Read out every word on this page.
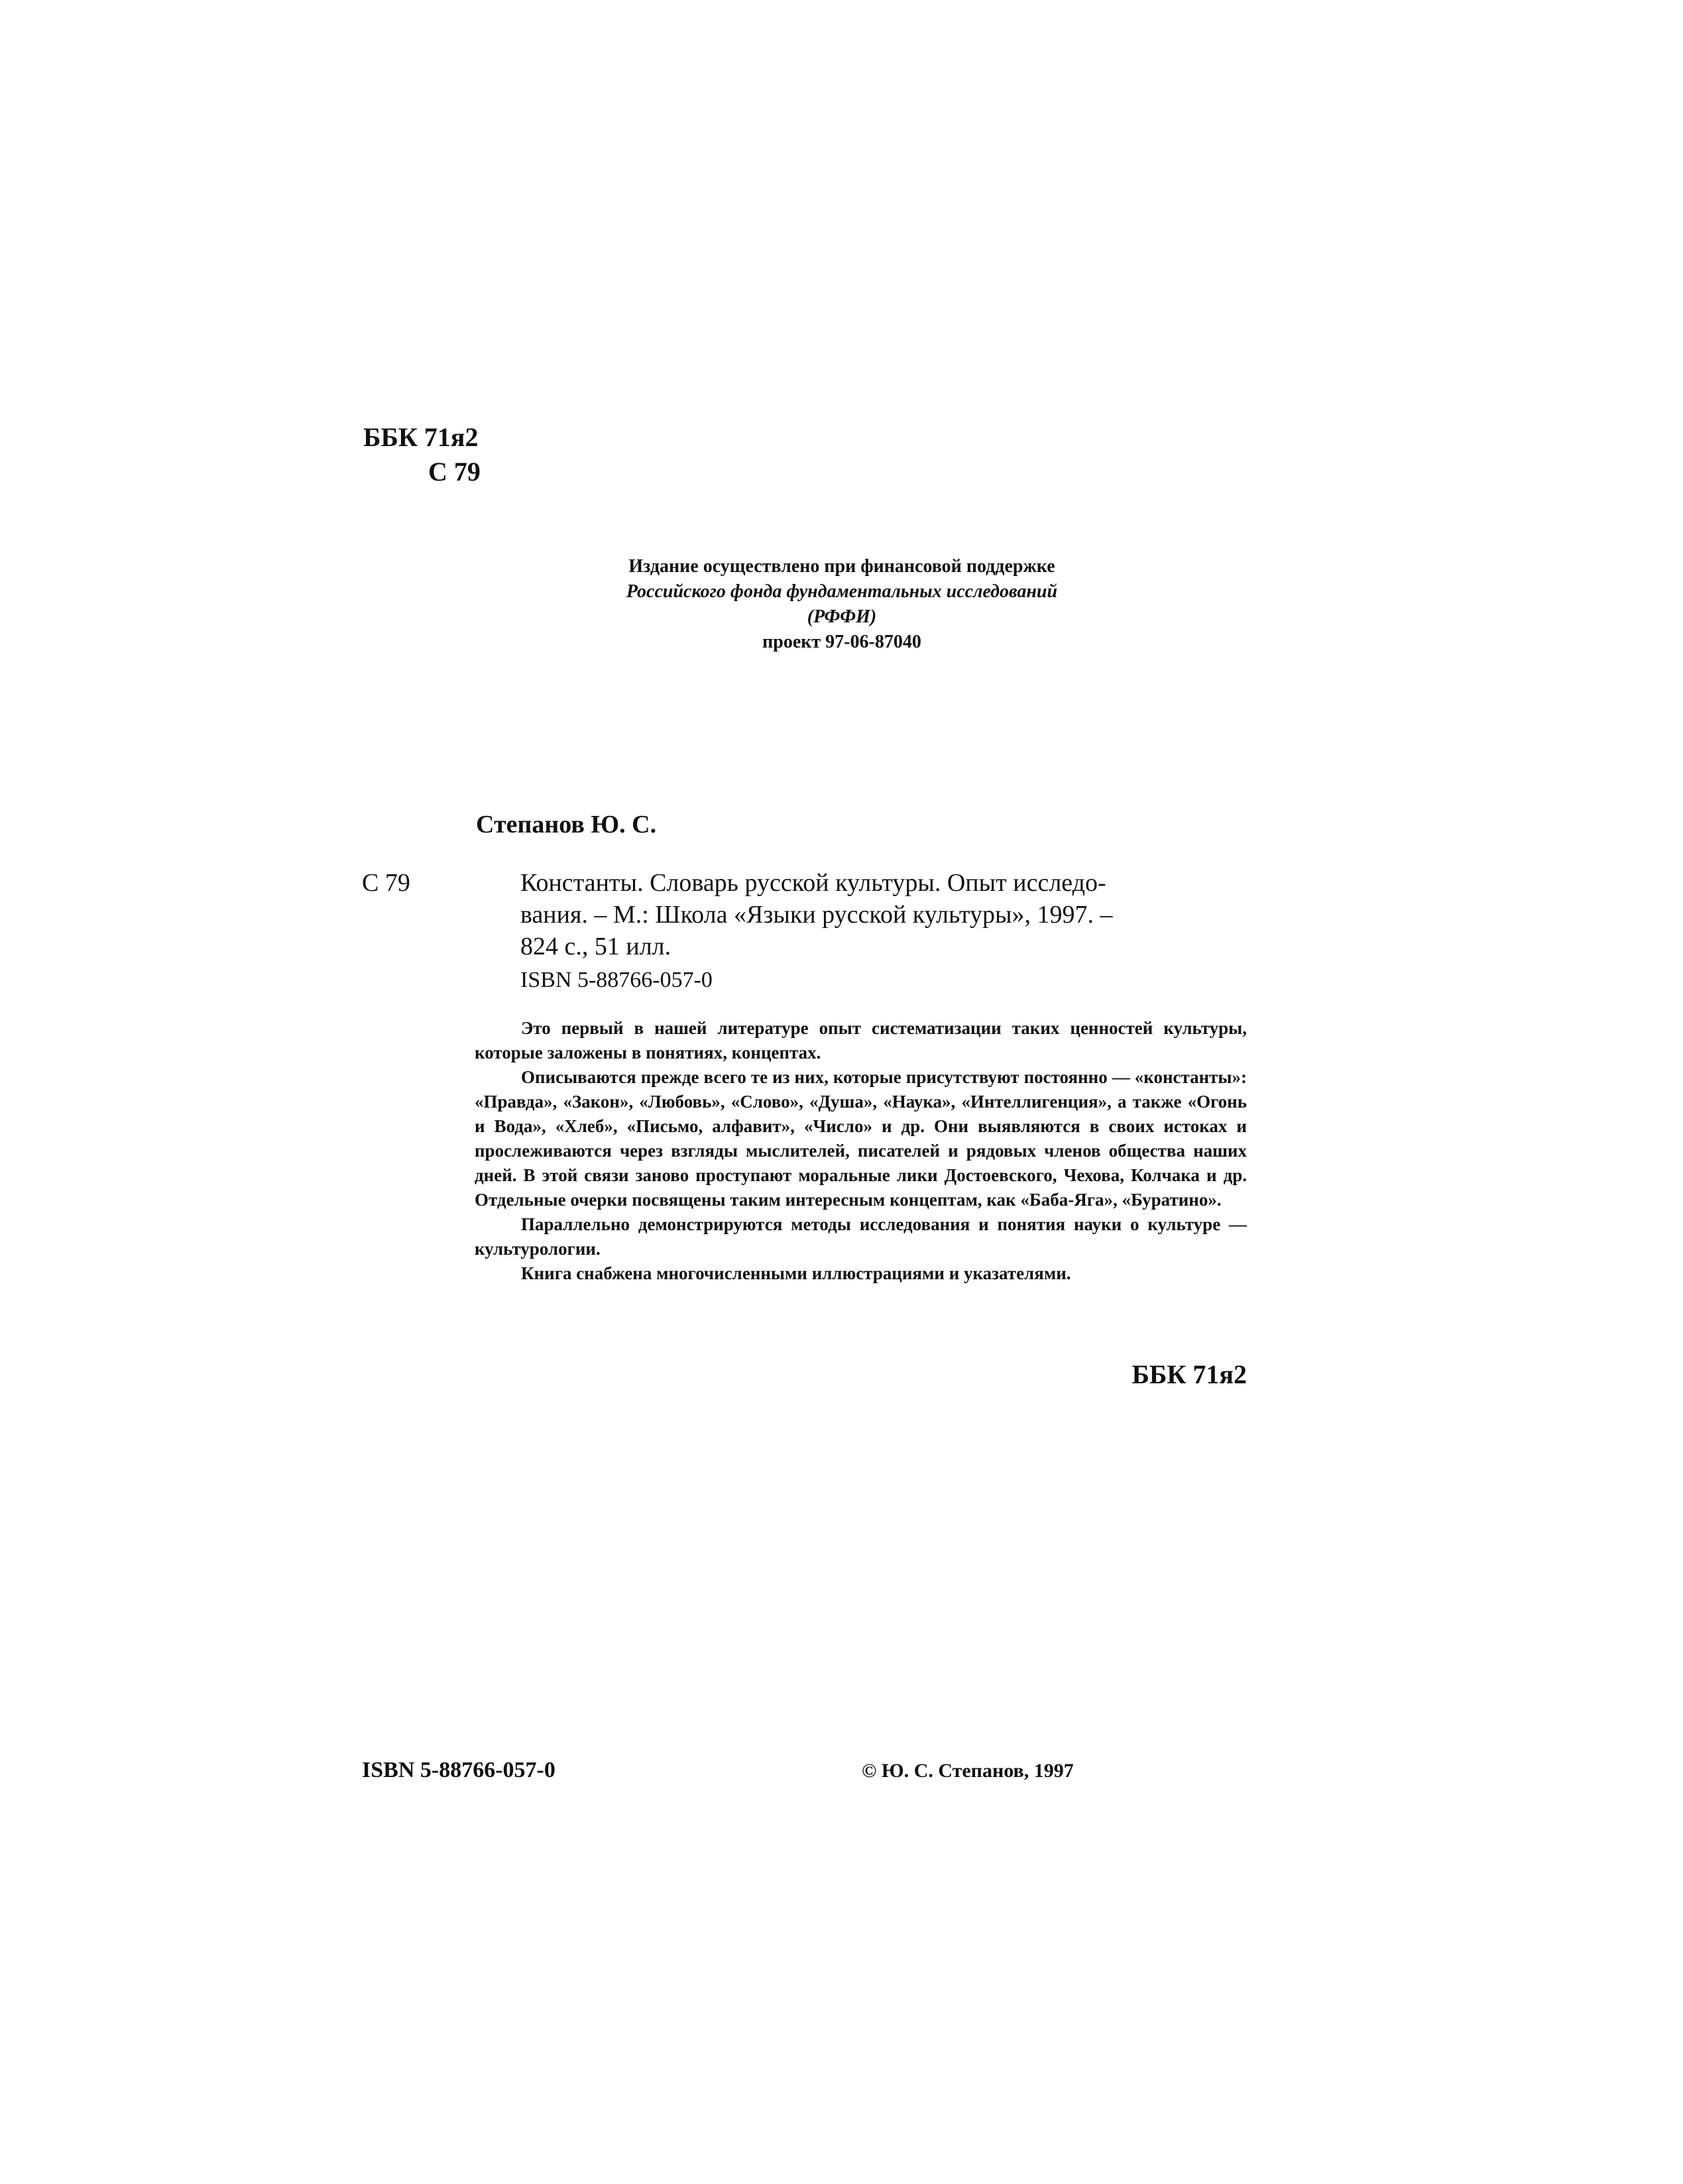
ББК 71я2
С 79
Издание осуществлено при финансовой поддержке
Российского фонда фундаментальных исследований
(РФФИ)
проект 97-06-87040
Степанов Ю. С.
С 79	Константы. Словарь русской культуры. Опыт исследо-
вания. – М.: Школа «Языки русской культуры», 1997. –
824 с., 51 илл.
ISBN 5-88766-057-0

Это первый в нашей литературе опыт систематизации таких ценностей культуры, которые заложены в понятиях, концептах.

Описываются прежде всего те из них, которые присутствуют постоянно — «константы»: «Правда», «Закон», «Любовь», «Слово», «Душа», «Наука», «Интеллигенция», а также «Огонь и Вода», «Хлеб», «Письмо, алфавит», «Число» и др. Они выявляются в своих истоках и прослеживаются через взгляды мыслителей, писателей и рядовых членов общества наших дней. В этой связи заново проступают моральные лики Достоевского, Чехова, Колчака и др. Отдельные очерки посвящены таким интересным концептам, как «Баба-Яга», «Буратино».

Параллельно демонстрируются методы исследования и понятия науки о культуре — культурологии.

Книга снабжена многочисленными иллюстрациями и указателями.

ББК 71я2
ISBN 5-88766-057-0	© Ю. С. Степанов, 1997
